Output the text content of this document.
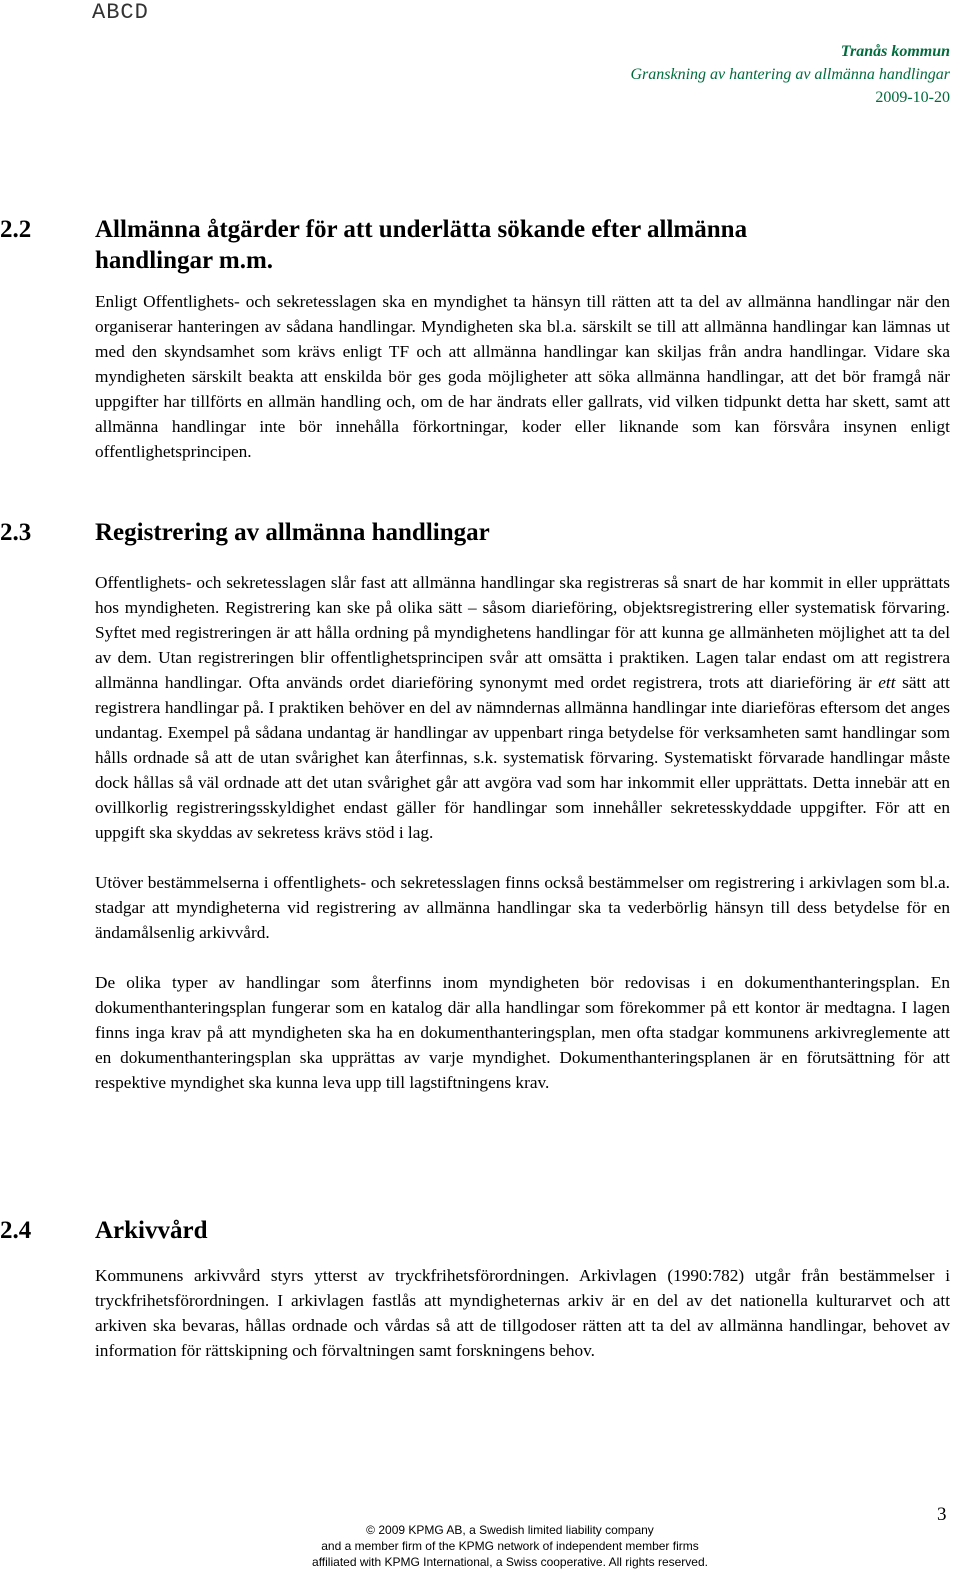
ABCD
Tranås kommun
Granskning av hantering av allmänna handlingar
2009-10-20
2.2	Allmänna åtgärder för att underlätta sökande efter allmänna handlingar m.m.

Enligt Offentlighets- och sekretesslagen ska en myndighet ta hänsyn till rätten att ta del av allmänna handlingar när den organiserar hanteringen av sådana handlingar. Myndigheten ska bl.a. särskilt se till att allmänna handlingar kan lämnas ut med den skyndsamhet som krävs enligt TF och att allmänna handlingar kan skiljas från andra handlingar. Vidare ska myndigheten särskilt beakta att enskilda bör ges goda möjligheter att söka allmänna handlingar, att det bör framgå när uppgifter har tillförts en allmän handling och, om de har ändrats eller gallrats, vid vilken tidpunkt detta har skett, samt att allmänna handlingar inte bör innehålla förkortningar, koder eller liknande som kan försvåra insynen enligt offentlighetsprincipen.

2.3	Registrering av allmänna handlingar

Offentlighets- och sekretesslagen slår fast att allmänna handlingar ska registreras så snart de har kommit in eller upprättats hos myndigheten. Registrering kan ske på olika sätt – såsom diarieföring, objektsregistrering eller systematisk förvaring. Syftet med registreringen är att hålla ordning på myndighetens handlingar för att kunna ge allmänheten möjlighet att ta del av dem. Utan registreringen blir offentlighetsprincipen svår att omsätta i praktiken. Lagen talar endast om att registrera allmänna handlingar. Ofta används ordet diarieföring synonymt med ordet registrera, trots att diarieföring är ett sätt att registrera handlingar på. I praktiken behöver en del av nämndernas allmänna handlingar inte diarieföras eftersom det anges undantag. Exempel på sådana undantag är handlingar av uppenbart ringa betydelse för verksamheten samt handlingar som hålls ordnade så att de utan svårighet kan återfinnas, s.k. systematisk förvaring. Systematiskt förvarade handlingar måste dock hållas så väl ordnade att det utan svårighet går att avgöra vad som har inkommit eller upprättats. Detta innebär att en ovillkorlig registreringsskyldighet endast gäller för handlingar som innehåller sekretesskyddade uppgifter. För att en uppgift ska skyddas av sekretess krävs stöd i lag.

Utöver bestämmelserna i offentlighets- och sekretesslagen finns också bestämmelser om registrering i arkivlagen som bl.a. stadgar att myndigheterna vid registrering av allmänna handlingar ska ta vederbörlig hänsyn till dess betydelse för en ändamålsenlig arkivvård.

De olika typer av handlingar som återfinns inom myndigheten bör redovisas i en dokumenthanteringsplan. En dokumenthanteringsplan fungerar som en katalog där alla handlingar som förekommer på ett kontor är medtagna. I lagen finns inga krav på att myndigheten ska ha en dokumenthanteringsplan, men ofta stadgar kommunens arkivreglemente att en dokumenthanteringsplan ska upprättas av varje myndighet. Dokumenthanteringsplanen är en förutsättning för att respektive myndighet ska kunna leva upp till lagstiftningens krav.

2.4	Arkivvård

Kommunens arkivvård styrs ytterst av tryckfrihetsförordningen. Arkivlagen (1990:782) utgår från bestämmelser i tryckfrihetsförordningen. I arkivlagen fastlås att myndigheternas arkiv är en del av det nationella kulturarvet och att arkiven ska bevaras, hållas ordnade och vårdas så att de tillgodoser rätten att ta del av allmänna handlingar, behovet av information för rättskipning och förvaltningen samt forskningens behov.

3
© 2009 KPMG AB, a Swedish limited liability company
and a member firm of the KPMG network of independent member firms
affiliated with KPMG International, a Swiss cooperative. All rights reserved.
